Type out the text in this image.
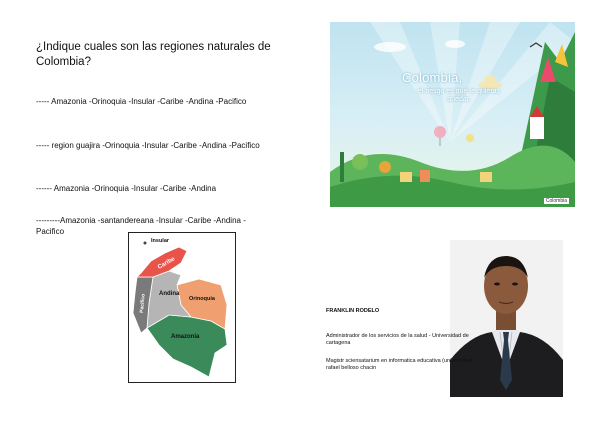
¿Indique cuales son las regiones naturales de Colombia?
----- Amazonia -Orinoquia -Insular -Caribe -Andina -Pacifico
----- region guajira -Orinoquia -Insular -Caribe -Andina -Pacifico
------ Amazonia -Orinoquia -Insular -Caribe -Andina
---------Amazonia -santandereana -Insular -Caribe -Andina -Pacifico
Colombia,
el riesgo es que te quieras quedar.
Colombia
Insular
Caribe
Andina
Pacífico	Orinoquia
Amazonia
FRANKLIN RODELO
Administrador de los servicios de la salud - Universidad de cartagena
Magistr sciensatarium en informatica educativa (universidad rafael belloso chacin
